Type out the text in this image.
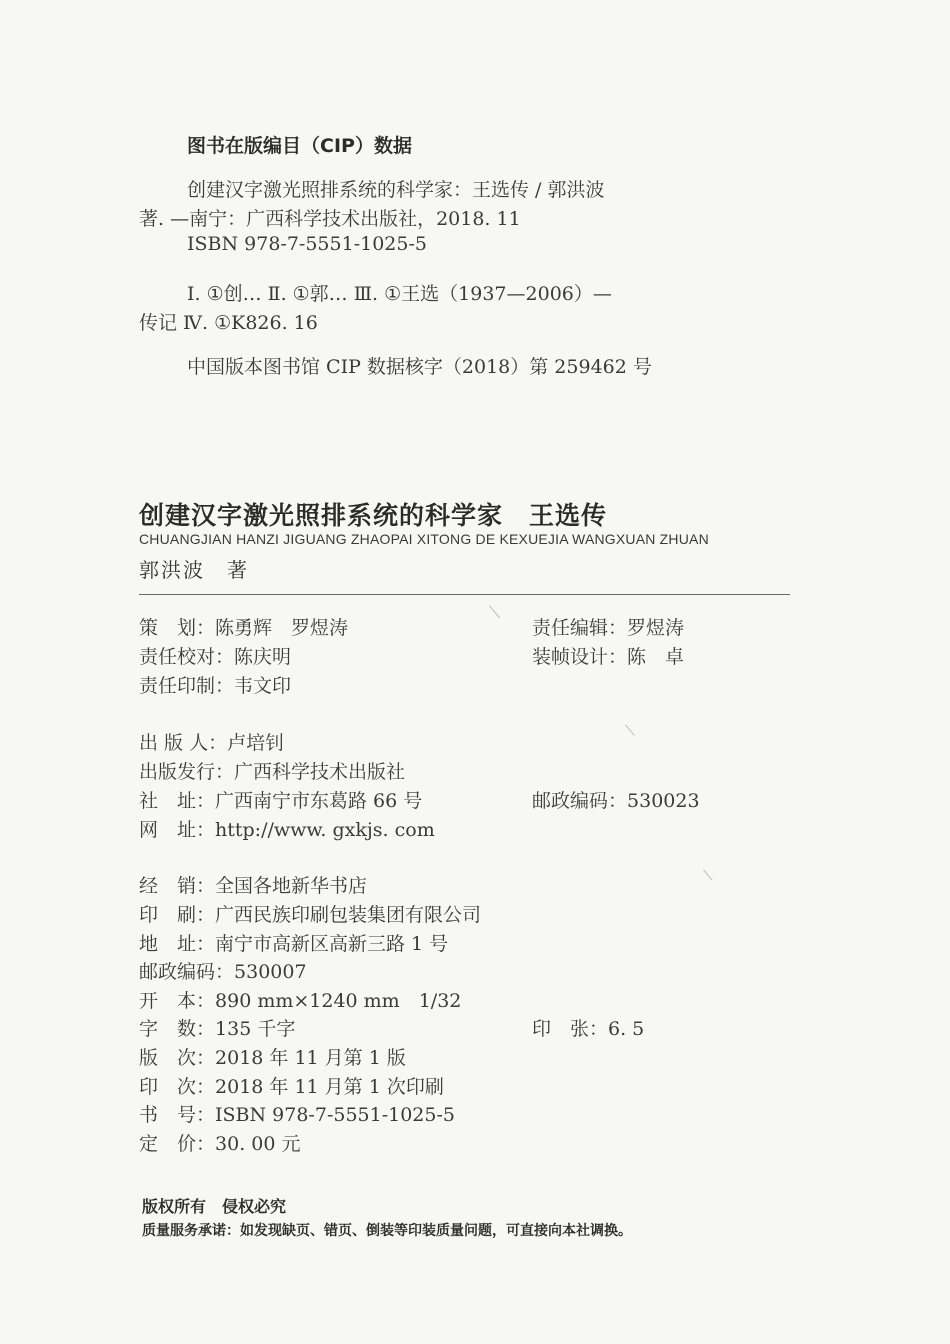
图书在版编目（CIP）数据
创建汉字激光照排系统的科学家：王选传 / 郭洪波
著. —南宁：广西科学技术出版社，2018. 11
ISBN 978-7-5551-1025-5
Ⅰ. ①创… Ⅱ. ①郭… Ⅲ. ①王选（1937—2006）—
传记 Ⅳ. ①K826. 16
中国版本图书馆 CIP 数据核字（2018）第 259462 号
创建汉字激光照排系统的科学家　王选传
CHUANGJIAN HANZI JIGUANG ZHAOPAI XITONG DE KEXUEJIA WANGXUAN ZHUAN
郭洪波　著
策　划：陈勇辉　罗煜涛	责任编辑：罗煜涛
责任校对：陈庆明	装帧设计：陈　卓
责任印制：韦文印
出 版 人：卢培钊
出版发行：广西科学技术出版社
社　址：广西南宁市东葛路 66 号	邮政编码：530023
网　址：http://www. gxkjs. com
经　销：全国各地新华书店
印　刷：广西民族印刷包装集团有限公司
地　址：南宁市高新区高新三路 1 号
邮政编码：530007
开　本：890 mm×1240 mm　1/32
字　数：135 千字	印　张：6. 5
版　次：2018 年 11 月第 1 版
印　次：2018 年 11 月第 1 次印刷
书　号：ISBN 978-7-5551-1025-5
定　价：30. 00 元
版权所有　侵权必究
质量服务承诺：如发现缺页、错页、倒装等印装质量问题，可直接向本社调换。
